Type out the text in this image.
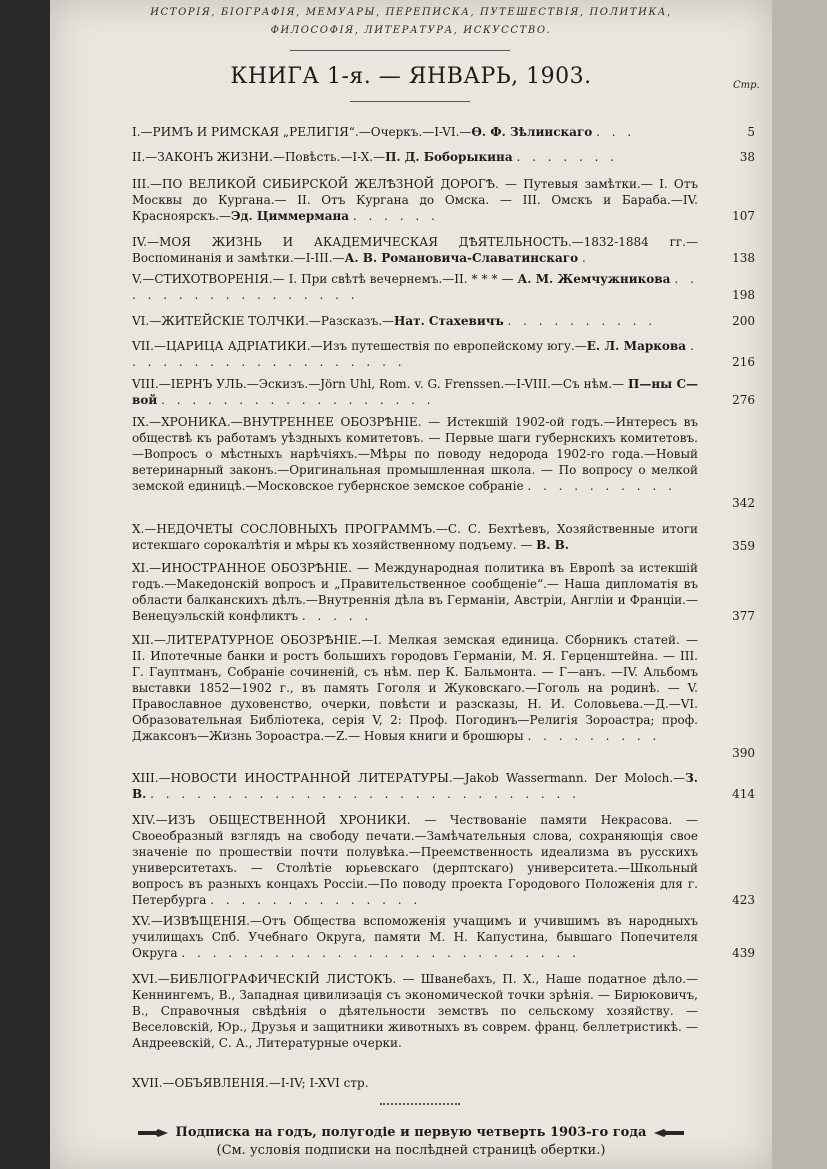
ИСТОРІЯ, БІОГРАФІЯ, МЕМУАРЫ, ПЕРЕПИСКА, ПУТЕШЕСТВІЯ, ПОЛИТИКА,
ФИЛОСОФІЯ, ЛИТЕРАТУРА, ИСКУССТВО.
КНИГА 1-я. — ЯНВАРЬ, 1903.	Стр.
I.—РИМЪ И РИМСКАЯ „РЕЛИГІЯ“.—Очеркъ.—I-VI.—Ѳ. Ф. Зѣлинскаго . . .	5
II.—ЗАКОНЪ ЖИЗНИ.—Повѣсть.—I-X.—П. Д. Боборыкина . . . . . . .	38
III.—ПО ВЕЛИКОЙ СИБИРСКОЙ ЖЕЛѢЗНОЙ ДОРОГѢ. — Путевыя замѣтки.— I. Отъ Москвы до Кургана.— II. Отъ Кургана до Омска. — III. Омскъ и Бараба.—IV. Красноярскъ.—Эд. Циммермана . . . . . .	107
IV.—МОЯ ЖИЗНЬ И АКАДЕМИЧЕСКАЯ ДѢЯТЕЛЬНОСТЬ.—1832-1884 гг.— Воспоминанія и замѣтки.—I-III.—А. В. Романовича-Славатинскаго .	138
V.—СТИХОТВОРЕНІЯ.— I. При свѣтѣ вечернемъ.—II. * * * — А. М. Жемчужникова . . . . . . . . . . . . . . . . .	198
VI.—ЖИТЕЙСКІЕ ТОЛЧКИ.—Разсказъ.—Нат. Стахевичъ . . . . . . . . . .	200
VII.—ЦАРИЦА АДРІАТИКИ.—Изъ путешествія по европейскому югу.—Е. Л. Маркова . . . . . . . . . . . . . . . . . . .	216
VIII.—ІЕРНЪ УЛЬ.—Эскизъ.—Jörn Uhl, Rom. v. G. Frenssen.—I-VIII.—Съ нѣм.— П—ны С—вой . . . . . . . . . . . . . . . . . .	276
IX.—ХРОНИКА.—ВНУТРЕННЕЕ ОБОЗРѢНІЕ. — Истекшій 1902-ой годъ.—Интересъ въ обществѣ къ работамъ уѣздныхъ комитетовъ. — Первые шаги губернскихъ комитетовъ.—Вопросъ о мѣстныхъ нарѣчіяхъ.—Мѣры по поводу недорода 1902-го года.—Новый ветеринарный законъ.—Оригинальная промышленная школа. — По вопросу о мелкой земской единицѣ.—Московское губернское земское собраніе . . . . . . . . . .
342
X.—НЕДОЧЕТЫ СОСЛОВНЫХЪ ПРОГРАММЪ.—С. С. Бехтѣевъ, Хозяйственные итоги истекшаго сорокалѣтія и мѣры къ хозяйственному подъему. — В. В.	359
XI.—ИНОСТРАННОЕ ОБОЗРѢНІЕ. — Международная политика въ Европѣ за истекшій годъ.—Македонскій вопросъ и „Правительственное сообщеніе“.— Наша дипломатія въ области балканскихъ дѣлъ.—Внутреннія дѣла въ Германіи, Австріи, Англіи и Франціи.—Венецуэльскій конфликтъ . . . . .	377
XII.—ЛИТЕРАТУРНОЕ ОБОЗРѢНІЕ.—I. Мелкая земская единица. Сборникъ статей. — II. Ипотечные банки и ростъ большихъ городовъ Германіи, М. Я. Герценштейна. — III. Г. Гауптманъ, Собраніе сочиненій, съ нѣм. пер К. Бальмонта. — Г—анъ. —IV. Альбомъ выставки 1852—1902 г., въ память Гоголя и Жуковскаго.—Гоголь на родинѣ. — V. Православное духовенство, очерки, повѣсти и разсказы, Н. И. Соловьева.—Д.—VI. Образовательная Библіотека, серія V, 2: Проф. Погодинъ—Религія Зороастра; проф. Джаксонъ—Жизнь Зороастра.—Z.— Новыя книги и брошюры . . . . . . . . .
390
XIII.—НОВОСТИ ИНОСТРАННОЙ ЛИТЕРАТУРЫ.—Jakob Wassermann. Der Moloch.—З. В. . . . . . . . . . . . . . . . . . . . . . . . . . . . .	414
XIV.—ИЗЪ ОБЩЕСТВЕННОЙ ХРОНИКИ. — Чествованіе памяти Некрасова. — Своеобразный взглядъ на свободу печати.—Замѣчательныя слова, сохраняющія свое значеніе по прошествіи почти полувѣка.—Преемственность идеализма въ русскихъ университетахъ. — Столѣтіе юрьевскаго (дерптскаго) университета.—Школьный вопросъ въ разныхъ концахъ Россіи.—По поводу проекта Городового Положенія для г. Петербурга . . . . . . . . . . . . . .	423
XV.—ИЗВѢЩЕНІЯ.—Отъ Общества вспоможенія учащимъ и учившимъ въ народныхъ училищахъ Спб. Учебнаго Округа, памяти М. Н. Капустина, бывшаго Попечителя Округа . . . . . . . . . . . . . . . . . . . . . . . . . .	439
XVI.—БИБЛІОГРАФИЧЕСКІЙ ЛИСТОКЪ. — Шванебахъ, П. Х., Наше податное дѣло.—Кеннингемъ, В., Западная цивилизація съ экономической точки зрѣнія. — Бирюковичъ, В., Справочныя свѣдѣнія о дѣятельности земствъ по сельскому хозяйству. — Веселовскій, Юр., Друзья и защитники животныхъ въ соврем. франц. беллетристикѣ. — Андреевскій, С. А., Литературные очерки.
XVII.—ОБЪЯВЛЕНІЯ.—I-IV; I-XVI стр.
Подписка на годъ, полугодіе и первую четверть 1903-го года
(См. условія подписки на послѣдней страницѣ обертки.)
